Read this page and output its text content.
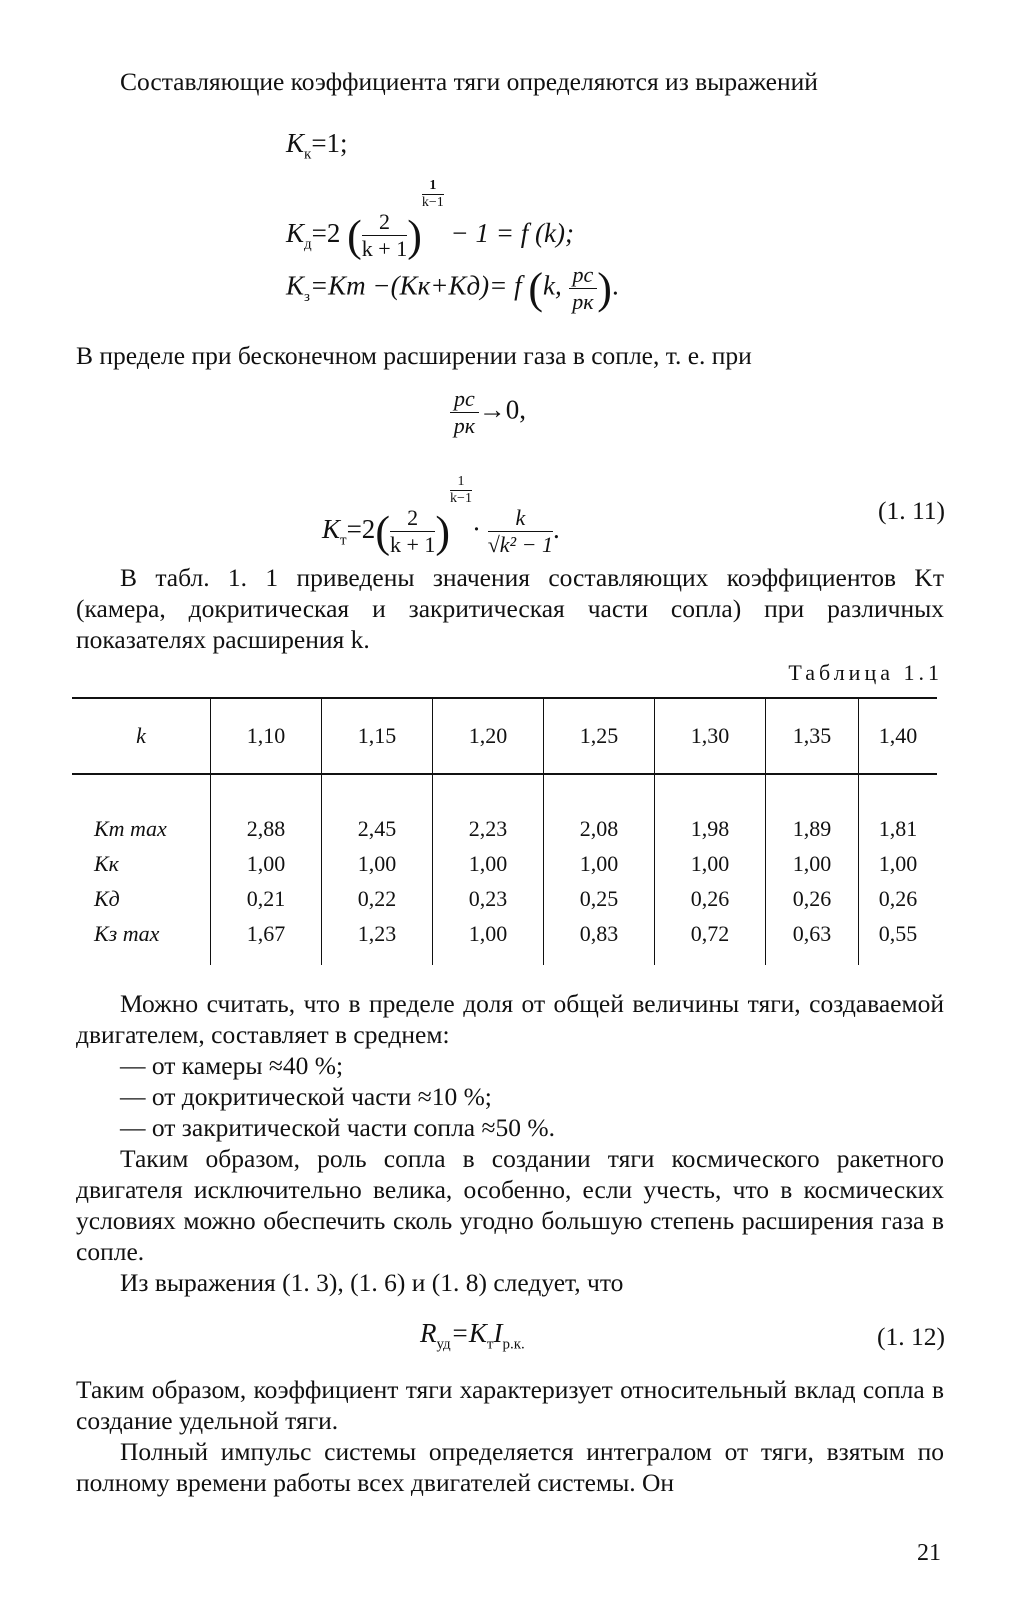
Составляющие коэффициента тяги определяются из выражений

$K_к=1$;
$K_д=2$ ( $\frac{2}{k + 1}$ )
$^{\frac{1}{k-1}}$
− 1 = f (k);
$K_з=Kт -(Kк+Kд)= f$ (k, $\frac{pc}{pк}$ ).

В пределе при бесконечном расширении газа в сопле, т. е. при

$\frac{pc}{pк} \to 0$,
$K_т=2( \frac{2}{k + 1}$ )
$^{\frac{1}{k-1}}$
· $\frac{k}{\text{√k² − 1}}$ .
(1. 11)

В табл. 1. 1 приведены значения составляющих коэффициентов Kт (камера, докритическая и закритическая части сопла) при различных показателях расширения k.

Таблица 1.1
k	1,10	1,15	1,20	1,25	1,30	1,35	1,40
Kт max	2,88	2,45	2,23	2,08	1,98	1,89	1,81
Kк	1,00	1,00	1,00	1,00	1,00	1,00	1,00
Kд	0,21	0,22	0,23	0,25	0,26	0,26	0,26
Kз max	1,67	1,23	1,00	0,83	0,72	0,63	0,55

Можно считать, что в пределе доля от общей величины тяги, создаваемой двигателем, составляет в среднем:

— от камеры ≈40 %;
— от докритической части ≈10 %;
— от закритической части сопла ≈50 %.

Таким образом, роль сопла в создании тяги космического ракетного двигателя исключительно велика, особенно, если учесть, что в космических условиях можно обеспечить сколь угодно большую степень расширения газа в сопле.

Из выражения (1. 3), (1. 6) и (1. 8) следует, что

$R_{уд}=K_тI_{р.к.}$	(1. 12)

Таким образом, коэффициент тяги характеризует относительный вклад сопла в создание удельной тяги.

Полный импульс системы определяется интегралом от тяги, взятым по полному времени работы всех двигателей системы. Он

21
